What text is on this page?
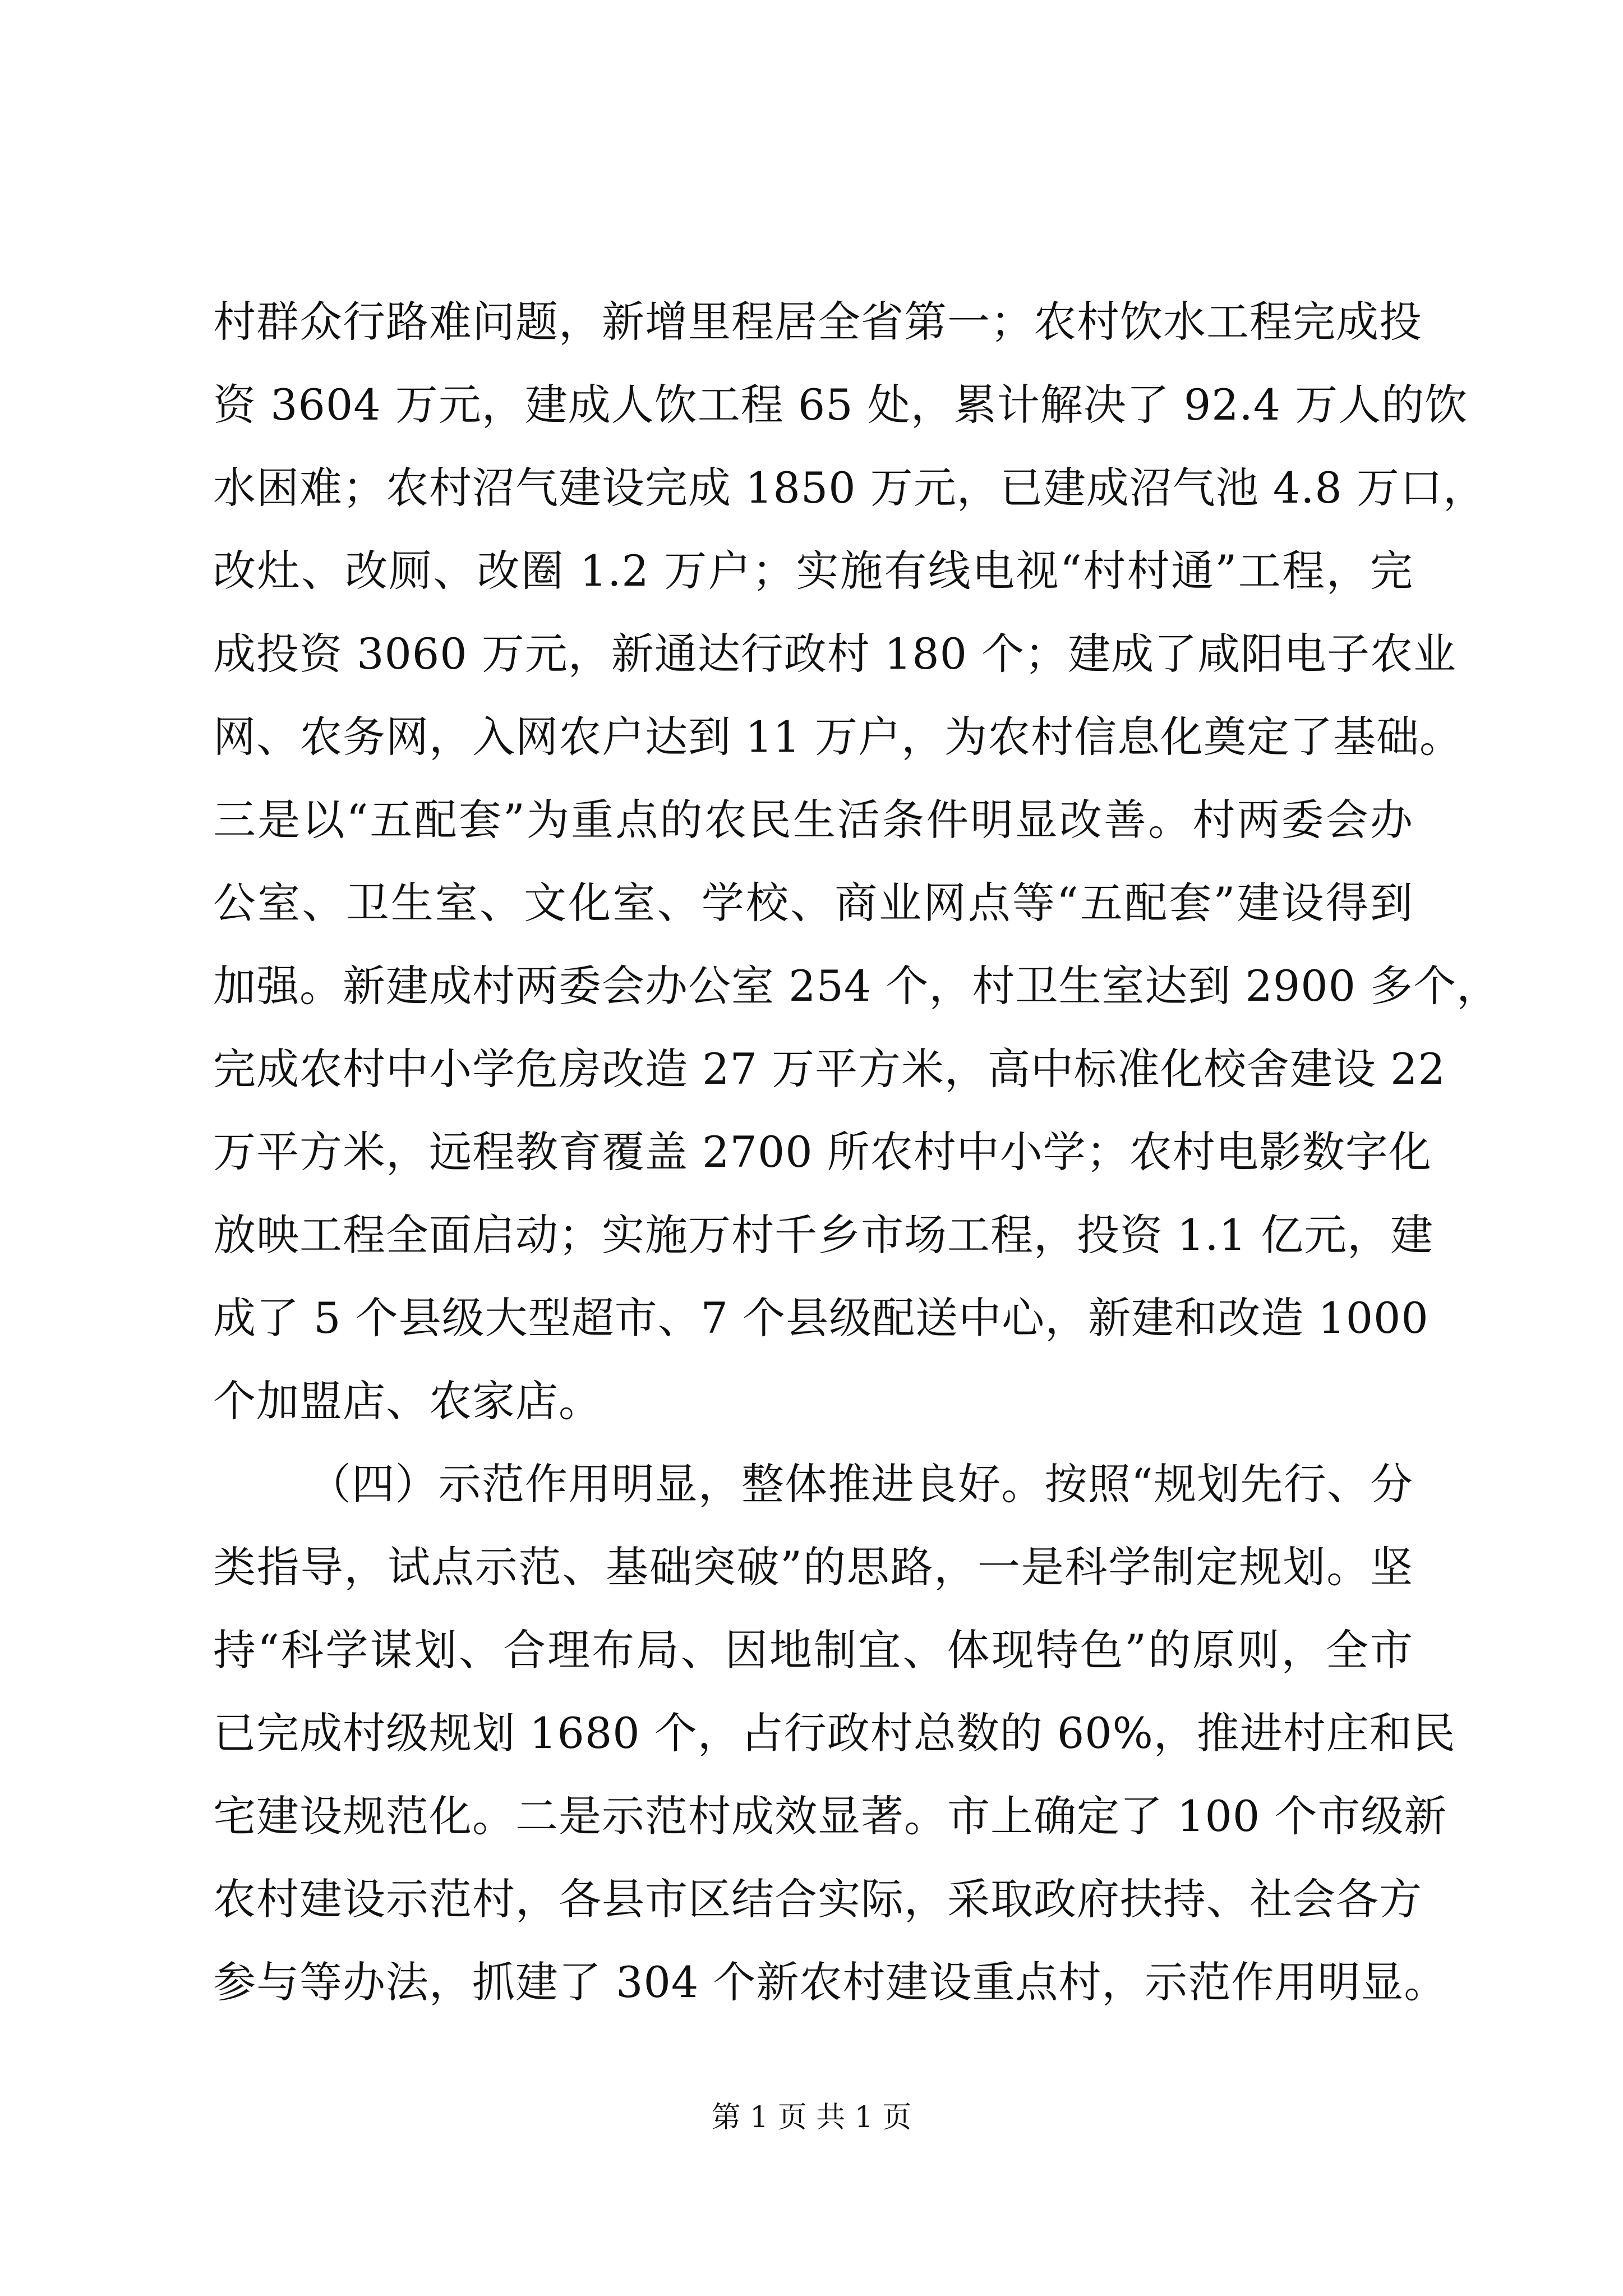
村群众行路难问题，新增里程居全省第一；农村饮水工程完成投
资 3604 万元，建成人饮工程 65 处，累计解决了 92.4 万人的饮
水困难；农村沼气建设完成 1850 万元，已建成沼气池 4.8 万口，
改灶、改厕、改圈 1.2 万户；实施有线电视“村村通”工程，完
成投资 3060 万元，新通达行政村 180 个；建成了咸阳电子农业
网、农务网，入网农户达到 11 万户，为农村信息化奠定了基础。
三是以“五配套”为重点的农民生活条件明显改善。村两委会办
公室、卫生室、文化室、学校、商业网点等“五配套”建设得到
加强。新建成村两委会办公室 254 个，村卫生室达到 2900 多个，
完成农村中小学危房改造 27 万平方米，高中标准化校舍建设 22
万平方米，远程教育覆盖 2700 所农村中小学；农村电影数字化
放映工程全面启动；实施万村千乡市场工程，投资 1.1 亿元，建
成了 5 个县级大型超市、7 个县级配送中心，新建和改造 1000
个加盟店、农家店。
（四）示范作用明显，整体推进良好。按照“规划先行、分
类指导，试点示范、基础突破”的思路，一是科学制定规划。坚
持“科学谋划、合理布局、因地制宜、体现特色”的原则，全市
已完成村级规划 1680 个，占行政村总数的 60%，推进村庄和民
宅建设规范化。二是示范村成效显著。市上确定了 100 个市级新
农村建设示范村，各县市区结合实际，采取政府扶持、社会各方
参与等办法，抓建了 304 个新农村建设重点村，示范作用明显。
第 1 页 共 1 页
